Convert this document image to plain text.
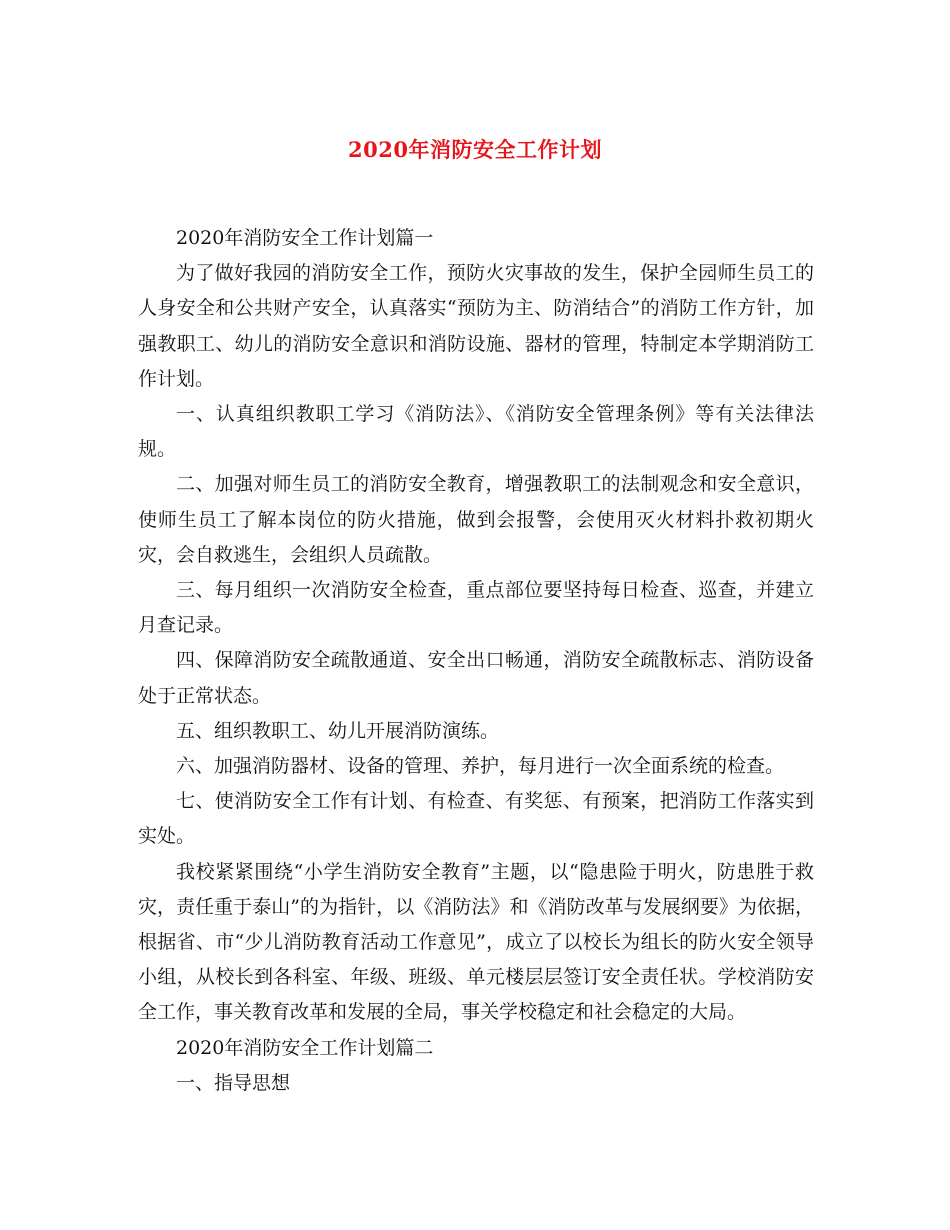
2020年消防安全工作计划

2020年消防安全工作计划篇一

为了做好我园的消防安全工作，预防火灾事故的发生，保护全园师生员工的人身安全和公共财产安全，认真落实“预防为主、防消结合”的消防工作方针，加强教职工、幼儿的消防安全意识和消防设施、器材的管理，特制定本学期消防工作计划。

一、认真组织教职工学习《消防法》、《消防安全管理条例》等有关法律法规。

二、加强对师生员工的消防安全教育，增强教职工的法制观念和安全意识，使师生员工了解本岗位的防火措施，做到会报警，会使用灭火材料扑救初期火灾，会自救逃生，会组织人员疏散。

三、每月组织一次消防安全检查，重点部位要坚持每日检查、巡查，并建立月查记录。

四、保障消防安全疏散通道、安全出口畅通，消防安全疏散标志、消防设备处于正常状态。

五、组织教职工、幼儿开展消防演练。

六、加强消防器材、设备的管理、养护，每月进行一次全面系统的检查。

七、使消防安全工作有计划、有检查、有奖惩、有预案，把消防工作落实到实处。

我校紧紧围绕“小学生消防安全教育”主题，以“隐患险于明火，防患胜于救灾，责任重于泰山”的为指针，以《消防法》和《消防改革与发展纲要》为依据，根据省、市“少儿消防教育活动工作意见”，成立了以校长为组长的防火安全领导小组，从校长到各科室、年级、班级、单元楼层层签订安全责任状。学校消防安全工作，事关教育改革和发展的全局，事关学校稳定和社会稳定的大局。

2020年消防安全工作计划篇二

一、指导思想
